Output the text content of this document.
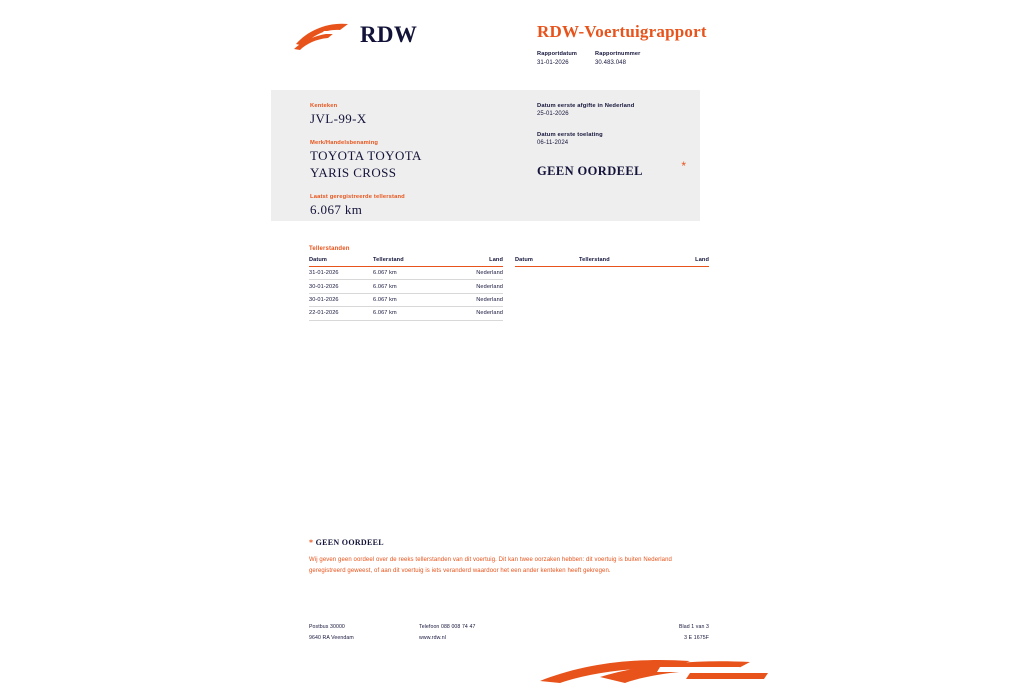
RDW	RDW-Voertuigrapport
Rapportdatum
31-01-2026
Rapportnummer
30.483.048
Kenteken
JVL-99-X
Merk/Handelsbenaming
TOYOTA TOYOTA
YARIS CROSS
Laatst geregistreerde tellerstand
6.067 km
Datum eerste afgifte in Nederland
25-01-2026
Datum eerste toelating
06-11-2024
GEEN OORDEEL	*
Tellerstanden
Datum	Tellerstand	Land
31-01-2026	6.067 km	Nederland
30-01-2026	6.067 km	Nederland
30-01-2026	6.067 km	Nederland
22-01-2026	6.067 km	Nederland
Datum	Tellerstand	Land
* GEEN OORDEEL
Wij geven geen oordeel over de reeks tellerstanden van dit voertuig. Dit kan twee oorzaken hebben: dit voertuig is buiten Nederland geregistreerd geweest, of aan dit voertuig is iets veranderd waardoor het een ander kenteken heeft gekregen.
Postbus 30000	Telefoon 088 008 74 47	Blad 1 van 3
9640 RA Veendam	www.rdw.nl	3 E 1675F
